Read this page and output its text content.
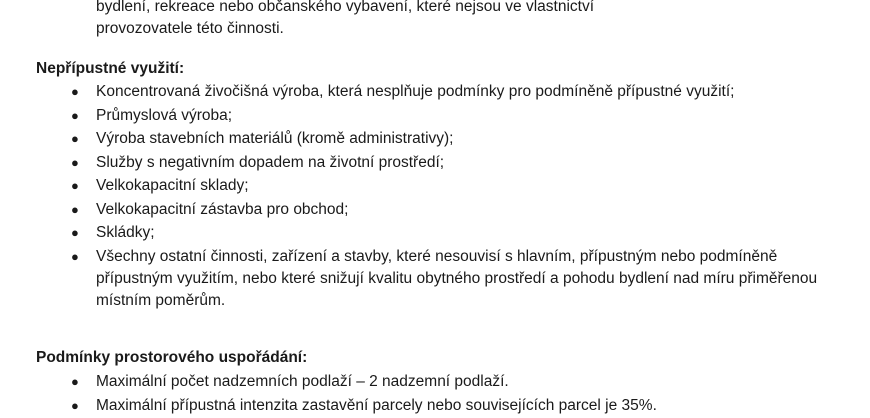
bydlení, rekreace nebo občanského vybavení, které nejsou ve vlastnictví

provozovatele této činnosti.

Nepřípustné využití:
● Koncentrovaná živočišná výroba, která nesplňuje podmínky pro podmíněně přípustné využití;
● Průmyslová výroba;
● Výroba stavebních materiálů (kromě administrativy);
● Služby s negativním dopadem na životní prostředí;
● Velkokapacitní sklady;
● Velkokapacitní zástavba pro obchod;
● Skládky;
● Všechny ostatní činnosti, zařízení a stavby, které nesouvisí s hlavním, přípustným nebo podmíněně přípustným využitím, nebo které snižují kvalitu obytného prostředí a pohodu bydlení nad míru přiměřenou místním poměrům.
Podmínky prostorového uspořádání:
● Maximální počet nadzemních podlaží – 2 nadzemní podlaží.
● Maximální přípustná intenzita zastavění parcely nebo souvisejících parcel je 35%.
